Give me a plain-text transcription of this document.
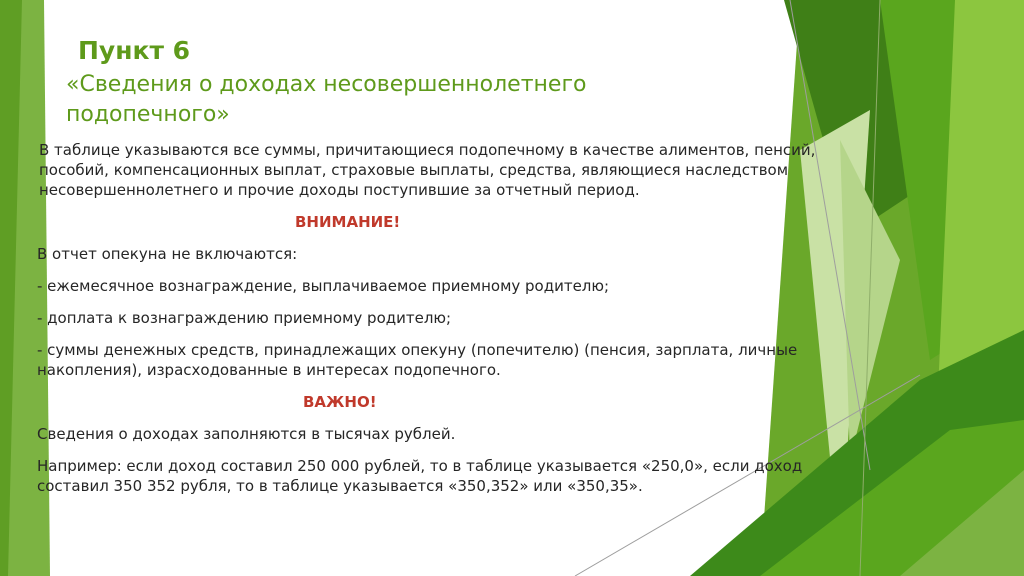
Пункт 6
«Сведения о доходах несовершеннолетнего подопечного»

В таблице указываются все суммы, причитающиеся подопечному в качестве алиментов, пенсий, пособий, компенсационных выплат, страховые выплаты, средства, являющиеся наследством несовершеннолетнего и прочие доходы поступившие за отчетный период.

ВНИМАНИЕ!

В отчет опекуна не включаются:

- ежемесячное вознаграждение, выплачиваемое приемному родителю;

- доплата к вознаграждению приемному родителю;

- суммы денежных средств, принадлежащих опекуну (попечителю) (пенсия, зарплата, личные накопления), израсходованные в интересах подопечного.

ВАЖНО!

Сведения о доходах заполняются в тысячах рублей.

Например: если доход составил 250 000 рублей, то в таблице указывается «250,0», если доход составил 350 352 рубля, то в таблице указывается «350,352» или «350,35».
